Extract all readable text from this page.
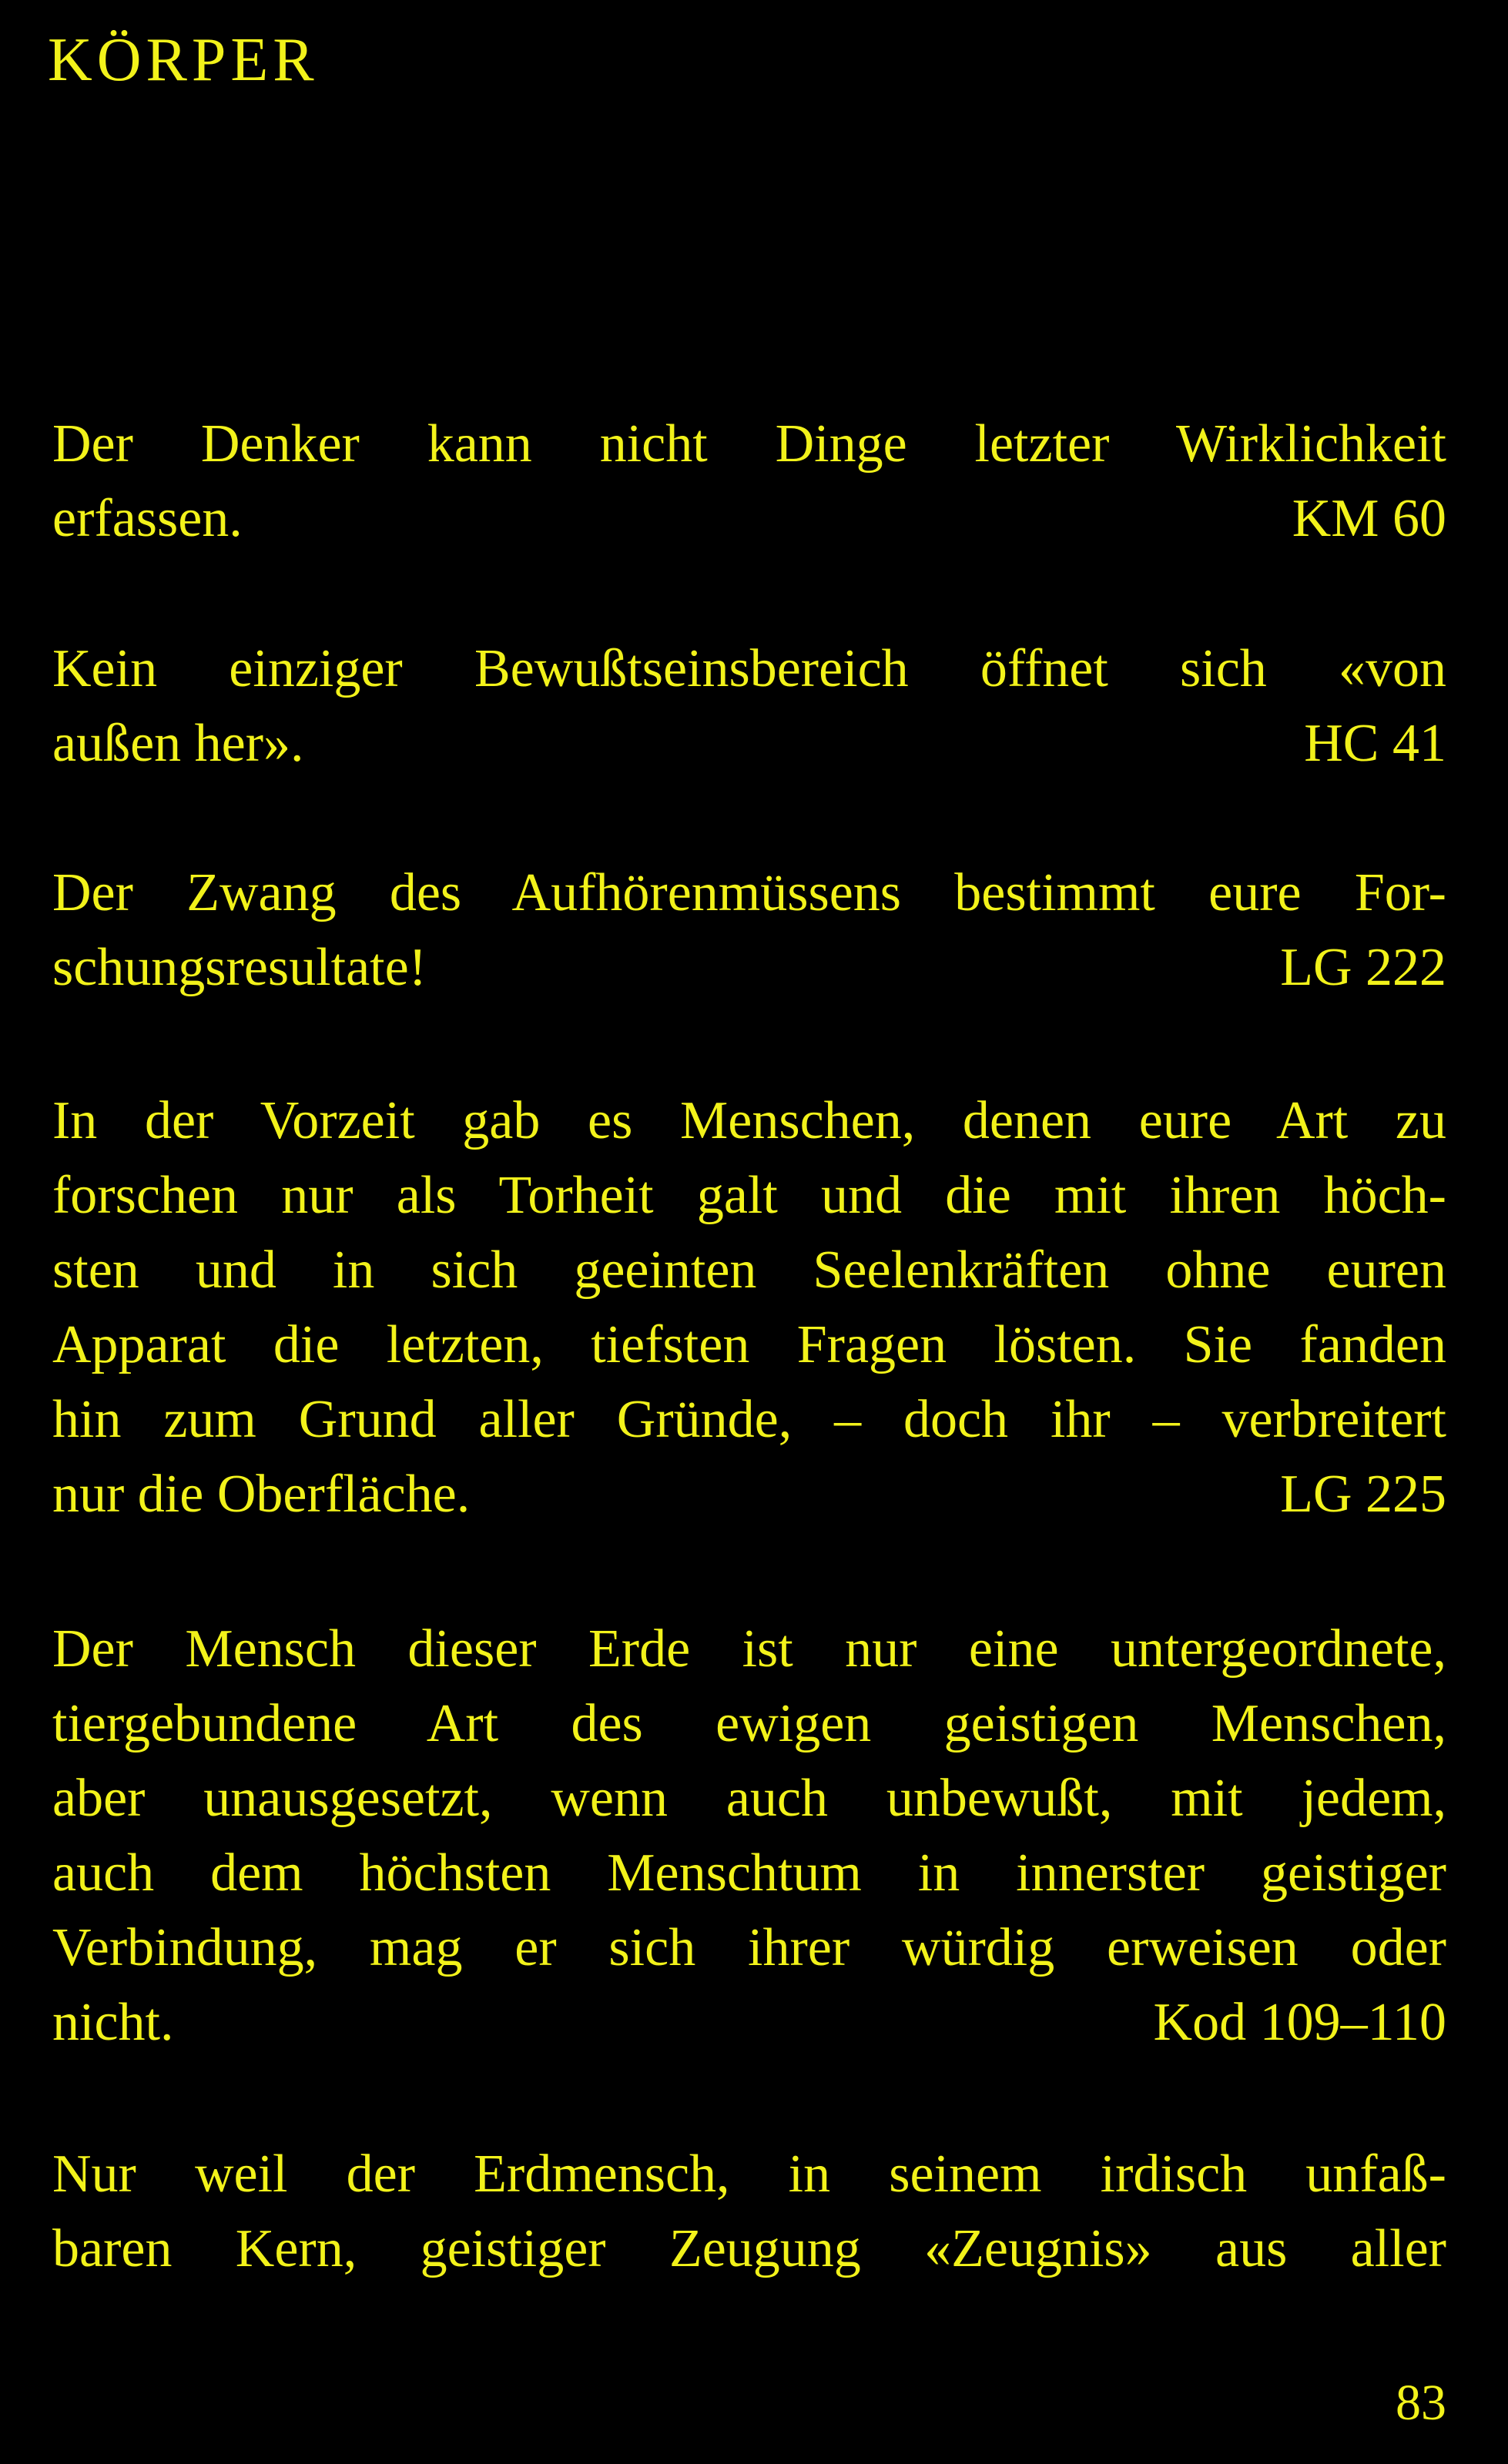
KÖRPER
Der Denker kann nicht Dinge letzter Wirklichkeit
erfassen.	KM 60
Kein einziger Bewußtseinsbereich öffnet sich «von
außen her».	HC 41
Der Zwang des Aufhörenmüssens bestimmt eure For-
schungsresultate!	LG 222
In der Vorzeit gab es Menschen, denen eure Art zu
forschen nur als Torheit galt und die mit ihren höch-
sten und in sich geeinten Seelenkräften ohne euren
Apparat die letzten, tiefsten Fragen lösten. Sie fanden
hin zum Grund aller Gründe, – doch ihr – verbreitert
nur die Oberfläche.	LG 225
Der Mensch dieser Erde ist nur eine untergeordnete,
tiergebundene Art des ewigen geistigen Menschen,
aber unausgesetzt, wenn auch unbewußt, mit jedem,
auch dem höchsten Menschtum in innerster geistiger
Verbindung, mag er sich ihrer würdig erweisen oder
nicht.	Kod 109–110
Nur weil der Erdmensch, in seinem irdisch unfaß-
baren Kern, geistiger Zeugung «Zeugnis» aus aller
83
